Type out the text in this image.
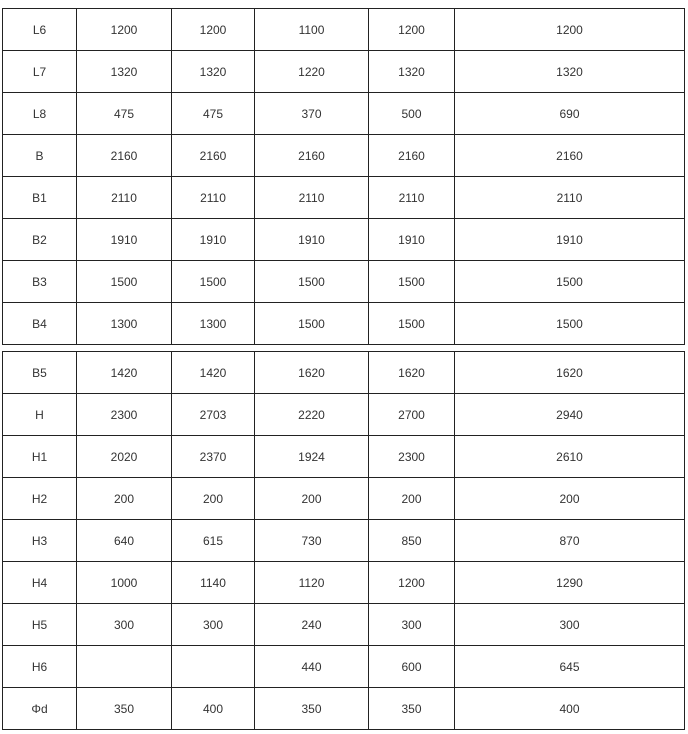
L6	1200	1200	1100	1200	1200
L7	1320	1320	1220	1320	1320
L8	475	475	370	500	690
B	2160	2160	2160	2160	2160
B1	2110	2110	2110	2110	2110
B2	1910	1910	1910	1910	1910
B3	1500	1500	1500	1500	1500
B4	1300	1300	1500	1500	1500
B5	1420	1420	1620	1620	1620
H	2300	2703	2220	2700	2940
H1	2020	2370	1924	2300	2610
H2	200	200	200	200	200
H3	640	615	730	850	870
H4	1000	1140	1120	1200	1290
H5	300	300	240	300	300
H6			440	600	645
Φd	350	400	350	350	400
